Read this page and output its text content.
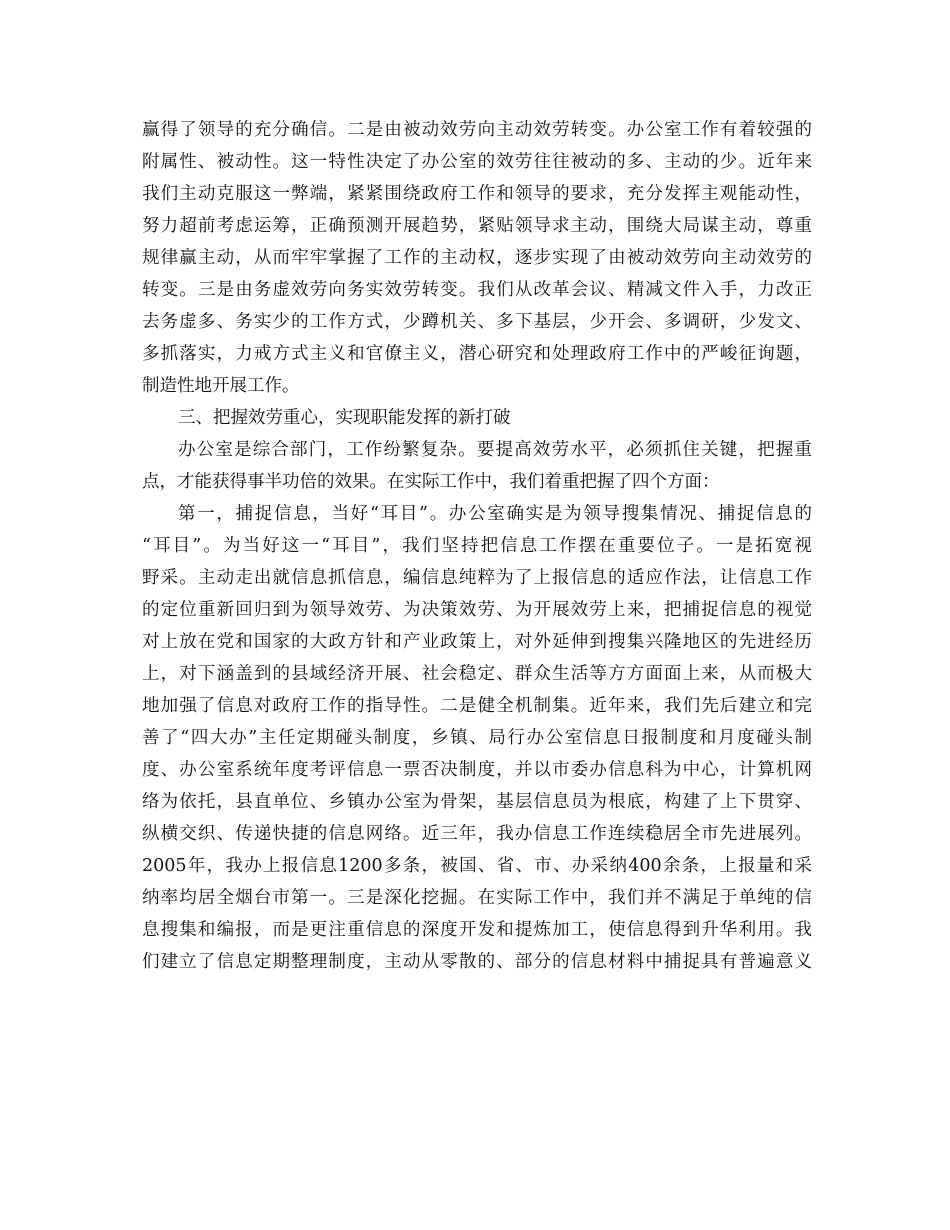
赢得了领导的充分确信。二是由被动效劳向主动效劳转变。办公室工作有着较强的
附属性、被动性。这一特性决定了办公室的效劳往往被动的多、主动的少。近年来
我们主动克服这一弊端，紧紧围绕政府工作和领导的要求，充分发挥主观能动性，
努力超前考虑运筹，正确预测开展趋势，紧贴领导求主动，围绕大局谋主动，尊重
规律赢主动，从而牢牢掌握了工作的主动权，逐步实现了由被动效劳向主动效劳的
转变。三是由务虚效劳向务实效劳转变。我们从改革会议、精减文件入手，力改正
去务虚多、务实少的工作方式，少蹲机关、多下基层，少开会、多调研，少发文、
多抓落实，力戒方式主义和官僚主义，潜心研究和处理政府工作中的严峻征询题，
制造性地开展工作。
三、把握效劳重心，实现职能发挥的新打破
办公室是综合部门，工作纷繁复杂。要提高效劳水平，必须抓住关键，把握重
点，才能获得事半功倍的效果。在实际工作中，我们着重把握了四个方面：
第一，捕捉信息，当好“耳目”。办公室确实是为领导搜集情况、捕捉信息的
“耳目”。为当好这一“耳目”，我们坚持把信息工作摆在重要位子。一是拓宽视
野采。主动走出就信息抓信息，编信息纯粹为了上报信息的适应作法，让信息工作
的定位重新回归到为领导效劳、为决策效劳、为开展效劳上来，把捕捉信息的视觉
对上放在党和国家的大政方针和产业政策上，对外延伸到搜集兴隆地区的先进经历
上，对下涵盖到的县域经济开展、社会稳定、群众生活等方方面面上来，从而极大
地加强了信息对政府工作的指导性。二是健全机制集。近年来，我们先后建立和完
善了“四大办”主任定期碰头制度，乡镇、局行办公室信息日报制度和月度碰头制
度、办公室系统年度考评信息一票否决制度，并以市委办信息科为中心，计算机网
络为依托，县直单位、乡镇办公室为骨架，基层信息员为根底，构建了上下贯穿、
纵横交织、传递快捷的信息网络。近三年，我办信息工作连续稳居全市先进展列。
2005年，我办上报信息1200多条，被国、省、市、办采纳400余条，上报量和采
纳率均居全烟台市第一。三是深化挖掘。在实际工作中，我们并不满足于单纯的信
息搜集和编报，而是更注重信息的深度开发和提炼加工，使信息得到升华利用。我
们建立了信息定期整理制度，主动从零散的、部分的信息材料中捕捉具有普遍意义
